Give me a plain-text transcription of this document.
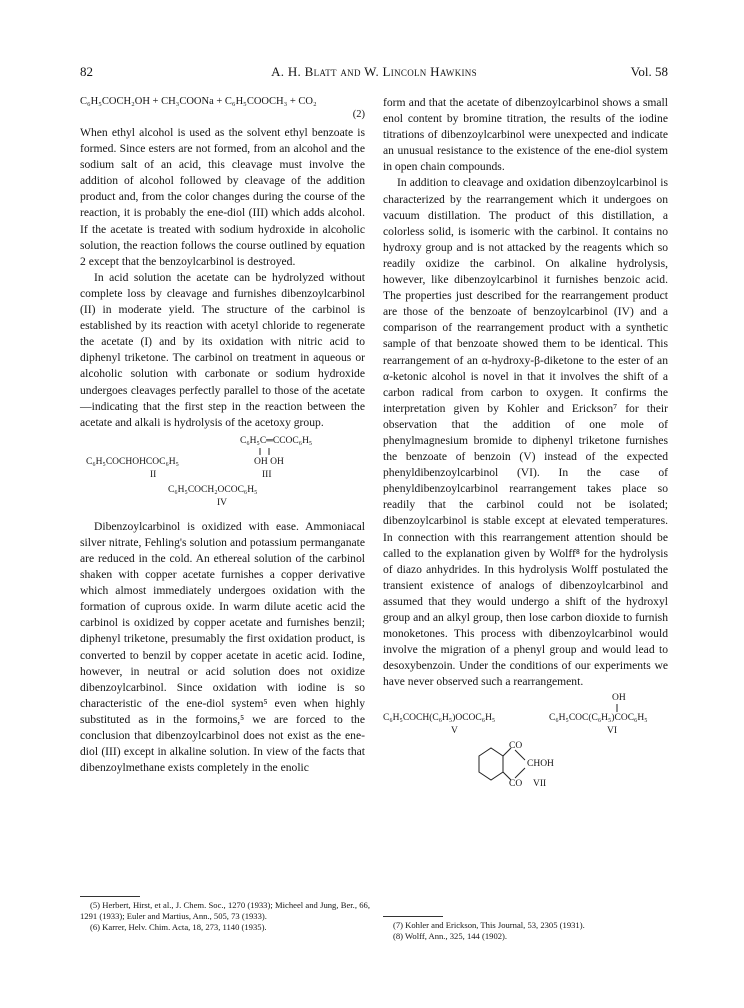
82	A. H. Blatt and W. Lincoln Hawkins	Vol. 58
C₆H₅COCH₂OH + CH₃COONa + C₆H₅COOCH₃ + CO₂
(2)

When ethyl alcohol is used as the solvent ethyl benzoate is formed. Since esters are not formed, from an alcohol and the sodium salt of an acid, this cleavage must involve the addition of alcohol followed by cleavage of the addition product and, from the color changes during the course of the reaction, it is probably the ene-diol (III) which adds alcohol. If the acetate is treated with sodium hydroxide in alcoholic solution, the reaction follows the course outlined by equation 2 except that the benzoylcarbinol is destroyed.

In acid solution the acetate can be hydrolyzed without complete loss by cleavage and furnishes dibenzoylcarbinol (II) in moderate yield. The structure of the carbinol is established by its reaction with acetyl chloride to regenerate the acetate (I) and by its oxidation with nitric acid to diphenyl triketone. The carbinol on treatment in aqueous or alcoholic solution with carbonate or sodium hydroxide undergoes cleavages perfectly parallel to those of the acetate—indicating that the first step in the reaction between the acetate and alkali is hydrolysis of the acetoxy group.

C₆H₅C═CCOC₆H₅
C₆H₅COCHOHCOC₆H₅	OH OH
II	III
C₆H₅COCH₂OCOC₆H₅
IV

Dibenzoylcarbinol is oxidized with ease. Ammoniacal silver nitrate, Fehling's solution and potassium permanganate are reduced in the cold. An ethereal solution of the carbinol shaken with copper acetate furnishes a copper derivative which almost immediately undergoes oxidation with the formation of cuprous oxide. In warm dilute acetic acid the carbinol is oxidized by copper acetate and furnishes benzil; diphenyl triketone, presumably the first oxidation product, is converted to benzil by copper acetate in acetic acid. Iodine, however, in neutral or acid solution does not oxidize dibenzoylcarbinol. Since oxidation with iodine is so characteristic of the ene-diol system⁵ even when highly substituted as in the formoins,⁵ we are forced to the conclusion that dibenzoylcarbinol does not exist as the ene-diol (III) except in alkaline solution. In view of the facts that dibenzoylmethane exists completely in the enolic

(5) Herbert, Hirst, et al., J. Chem. Soc., 1270 (1933); Micheel and Jung, Ber., 66, 1291 (1933); Euler and Martius, Ann., 505, 73 (1933).
(6) Karrer, Helv. Chim. Acta, 18, 273, 1140 (1935).

form and that the acetate of dibenzoylcarbinol shows a small enol content by bromine titration, the results of the iodine titrations of dibenzoylcarbinol were unexpected and indicate an unusual resistance to the existence of the ene-diol system in open chain compounds.

In addition to cleavage and oxidation dibenzoylcarbinol is characterized by the rearrangement which it undergoes on vacuum distillation. The product of this distillation, a colorless solid, is isomeric with the carbinol. It contains no hydroxy group and is not attacked by the reagents which so readily oxidize the carbinol. On alkaline hydrolysis, however, like dibenzoylcarbinol it furnishes benzoic acid. The properties just described for the rearrangement product are those of the benzoate of benzoylcarbinol (IV) and a comparison of the rearrangement product with a synthetic sample of that benzoate showed them to be identical. This rearrangement of an α-hydroxy-β-diketone to the ester of an α-ketonic alcohol is novel in that it involves the shift of a carbon radical from carbon to oxygen. It confirms the interpretation given by Kohler and Erickson⁷ for their observation that the addition of one mole of phenylmagnesium bromide to diphenyl triketone furnishes the benzoate of benzoin (V) instead of the expected phenyldibenzoylcarbinol (VI). In the case of phenyldibenzoylcarbinol rearrangement takes place so readily that the carbinol could not be isolated; dibenzoylcarbinol is stable except at elevated temperatures. In connection with this rearrangement attention should be called to the explanation given by Wolff⁸ for the hydrolysis of diazo anhydrides. In this hydrolysis Wolff postulated the transient existence of analogs of dibenzoylcarbinol and assumed that they would undergo a shift of the hydroxyl group and an alkyl group, then lose carbon dioxide to furnish monoketones. This process with dibenzoylcarbinol would involve the migration of a phenyl group and would lead to desoxybenzoin. Under the conditions of our experiments we have never observed such a rearrangement.

OH
C₆H₅COCH(C₆H₅)OCOC₆H₅	C₆H₅COC(C₆H₅)COC₆H₅
V	VI
CO
CHOH
CO VII
(7) Kohler and Erickson, This Journal, 53, 2305 (1931).
(8) Wolff, Ann., 325, 144 (1902).
